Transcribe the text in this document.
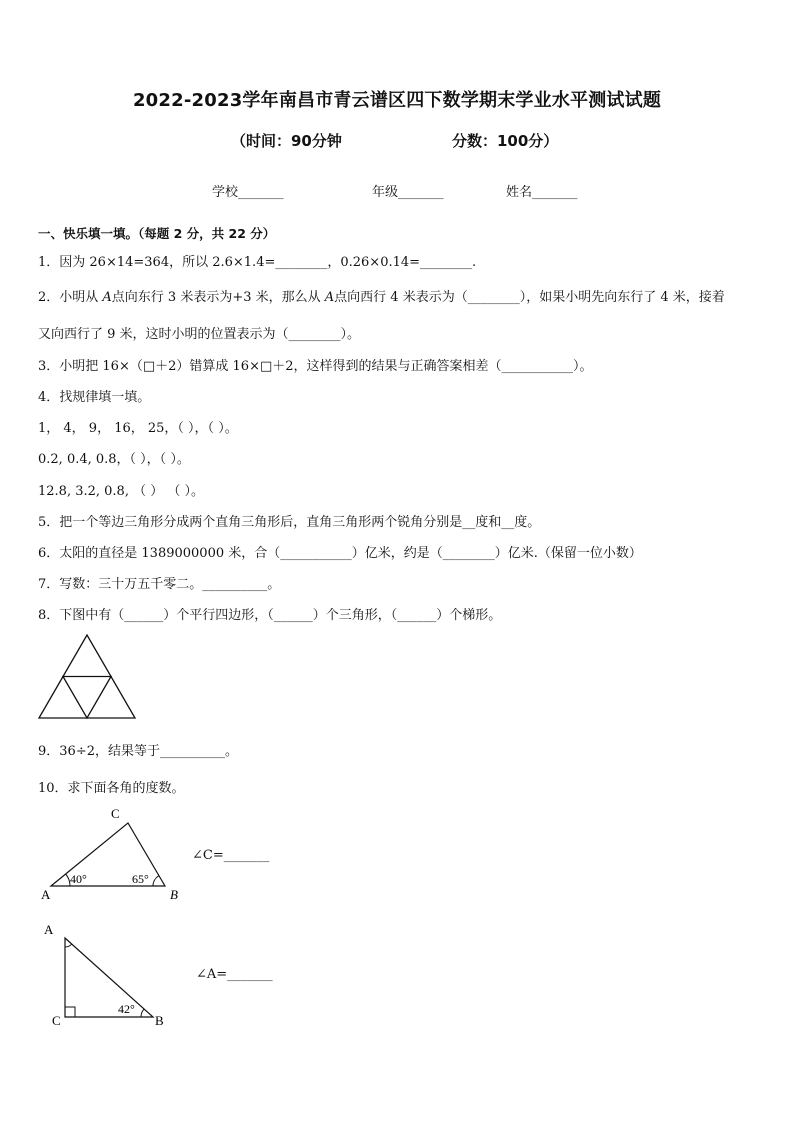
2022-2023学年南昌市青云谱区四下数学期末学业水平测试试题
（时间：90分钟	分数：100分）
学校_______	年级_______	姓名_______
一、快乐填一填。（每题 2 分，共 22 分）
1．因为 26×14=364，所以 2.6×1.4=________，0.26×0.14=________.
2．小明从 A点向东行 3 米表示为+3 米，那么从 A点向西行 4 米表示为（________），如果小明先向东行了 4 米，接着
又向西行了 9 米，这时小明的位置表示为（________）。
3．小明把 16×（□＋2）错算成 16×□＋2，这样得到的结果与正确答案相差（___________）。
4．找规律填一填。
1， 4， 9， 16， 25，（ ），（ ）。
0.2, 0.4, 0.8，（ ），（ ）。
12.8, 3.2, 0.8, （ ） （ ）。
5．把一个等边三角形分成两个直角三角形后，直角三角形两个锐角分别是__度和__度。
6．太阳的直径是 1389000000 米，合（___________）亿米，约是（________）亿米.（保留一位小数）
7．写数：三十万五千零二。__________。
8．下图中有（______）个平行四边形，（______）个三角形，（______）个梯形。
9．36÷2，结果等于__________。
10．求下面各角的度数。
C
A	B
40°	65°
∠C=_______
A
C	B
42°
∠A=_______
